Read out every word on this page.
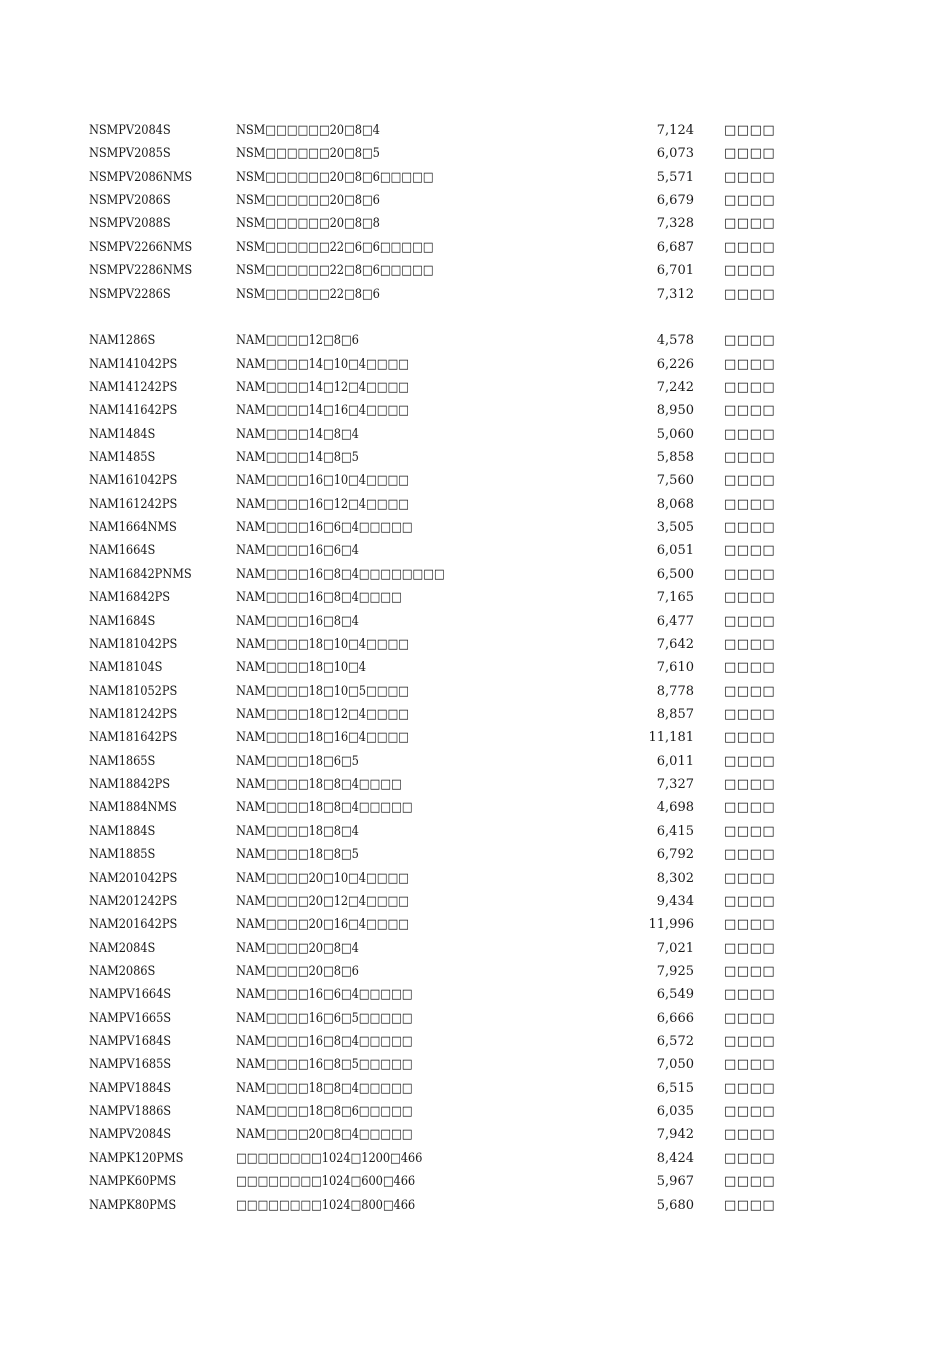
NSMPV2084S	NSM□□□□□□20□8□4	7,124 □□□□
NSMPV2085S	NSM□□□□□□20□8□5	6,073 □□□□
NSMPV2086NMS	NSM□□□□□□20□8□6□□□□□	5,571 □□□□
NSMPV2086S	NSM□□□□□□20□8□6	6,679 □□□□
NSMPV2088S	NSM□□□□□□20□8□8	7,328 □□□□
NSMPV2266NMS	NSM□□□□□□22□6□6□□□□□	6,687 □□□□
NSMPV2286NMS	NSM□□□□□□22□8□6□□□□□	6,701 □□□□
NSMPV2286S	NSM□□□□□□22□8□6	7,312 □□□□
NAM1286S	NAM□□□□12□8□6	4,578 □□□□
NAM141042PS	NAM□□□□14□10□4□□□□	6,226 □□□□
NAM141242PS	NAM□□□□14□12□4□□□□	7,242 □□□□
NAM141642PS	NAM□□□□14□16□4□□□□	8,950 □□□□
NAM1484S	NAM□□□□14□8□4	5,060 □□□□
NAM1485S	NAM□□□□14□8□5	5,858 □□□□
NAM161042PS	NAM□□□□16□10□4□□□□	7,560 □□□□
NAM161242PS	NAM□□□□16□12□4□□□□	8,068 □□□□
NAM1664NMS	NAM□□□□16□6□4□□□□□	3,505 □□□□
NAM1664S	NAM□□□□16□6□4	6,051 □□□□
NAM16842PNMS	NAM□□□□16□8□4□□□□□□□□	6,500 □□□□
NAM16842PS	NAM□□□□16□8□4□□□□	7,165 □□□□
NAM1684S	NAM□□□□16□8□4	6,477 □□□□
NAM181042PS	NAM□□□□18□10□4□□□□	7,642 □□□□
NAM18104S	NAM□□□□18□10□4	7,610 □□□□
NAM181052PS	NAM□□□□18□10□5□□□□	8,778 □□□□
NAM181242PS	NAM□□□□18□12□4□□□□	8,857 □□□□
NAM181642PS	NAM□□□□18□16□4□□□□	11,181 □□□□
NAM1865S	NAM□□□□18□6□5	6,011 □□□□
NAM18842PS	NAM□□□□18□8□4□□□□	7,327 □□□□
NAM1884NMS	NAM□□□□18□8□4□□□□□	4,698 □□□□
NAM1884S	NAM□□□□18□8□4	6,415 □□□□
NAM1885S	NAM□□□□18□8□5	6,792 □□□□
NAM201042PS	NAM□□□□20□10□4□□□□	8,302 □□□□
NAM201242PS	NAM□□□□20□12□4□□□□	9,434 □□□□
NAM201642PS	NAM□□□□20□16□4□□□□	11,996 □□□□
NAM2084S	NAM□□□□20□8□4	7,021 □□□□
NAM2086S	NAM□□□□20□8□6	7,925 □□□□
NAMPV1664S	NAM□□□□16□6□4□□□□□	6,549 □□□□
NAMPV1665S	NAM□□□□16□6□5□□□□□	6,666 □□□□
NAMPV1684S	NAM□□□□16□8□4□□□□□	6,572 □□□□
NAMPV1685S	NAM□□□□16□8□5□□□□□	7,050 □□□□
NAMPV1884S	NAM□□□□18□8□4□□□□□	6,515 □□□□
NAMPV1886S	NAM□□□□18□8□6□□□□□	6,035 □□□□
NAMPV2084S	NAM□□□□20□8□4□□□□□	7,942 □□□□
NAMPK120PMS	□□□□□□□□1024□1200□466	8,424 □□□□
NAMPK60PMS	□□□□□□□□1024□600□466	5,967 □□□□
NAMPK80PMS	□□□□□□□□1024□800□466	5,680 □□□□
